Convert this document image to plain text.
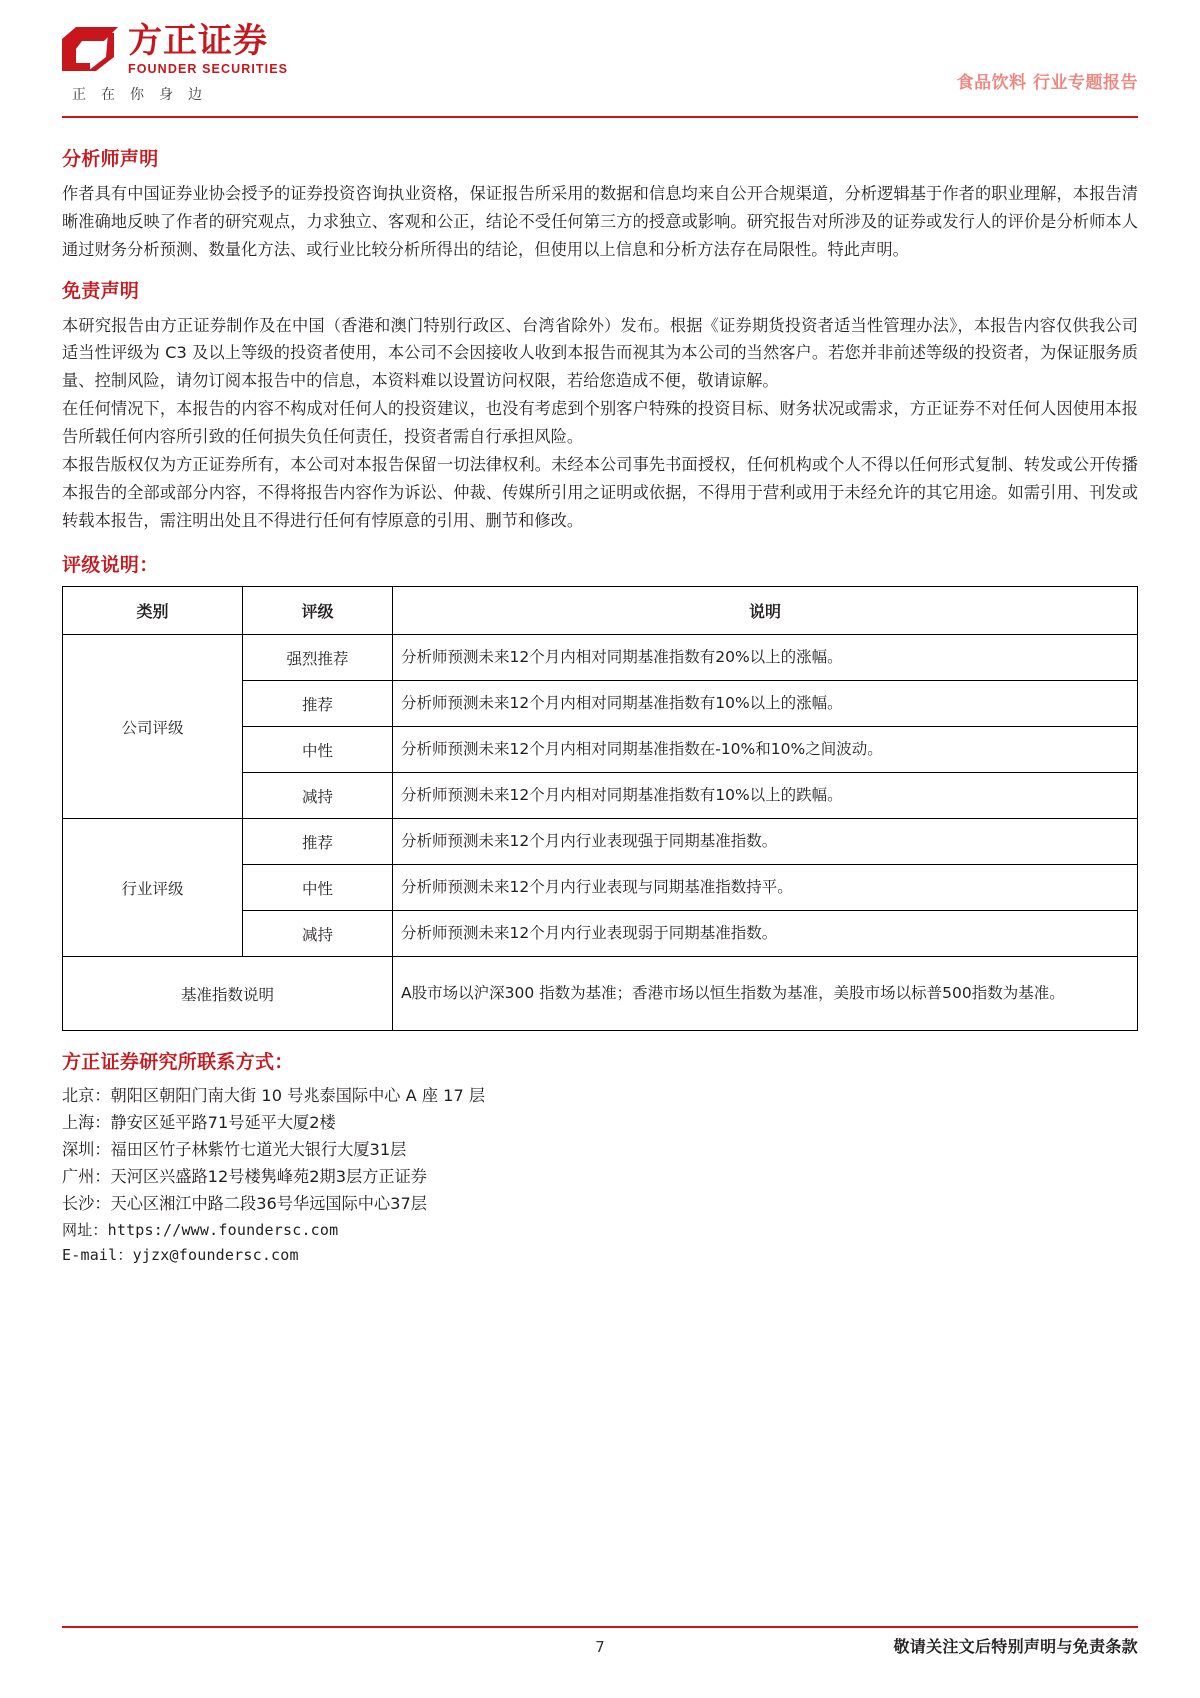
方正证券
FOUNDER SECURITIES
正在你身边
食品饮料 行业专题报告
分析师声明

作者具有中国证券业协会授予的证券投资咨询执业资格，保证报告所采用的数据和信息均来自公开合规渠道，分析逻辑基于作者的职业理解，本报告清晰准确地反映了作者的研究观点，力求独立、客观和公正，结论不受任何第三方的授意或影响。研究报告对所涉及的证券或发行人的评价是分析师本人通过财务分析预测、数量化方法、或行业比较分析所得出的结论，但使用以上信息和分析方法存在局限性。特此声明。

免责声明

本研究报告由方正证券制作及在中国（香港和澳门特别行政区、台湾省除外）发布。根据《证券期货投资者适当性管理办法》，本报告内容仅供我公司适当性评级为 C3 及以上等级的投资者使用，本公司不会因接收人收到本报告而视其为本公司的当然客户。若您并非前述等级的投资者，为保证服务质量、控制风险，请勿订阅本报告中的信息，本资料难以设置访问权限，若给您造成不便，敬请谅解。

在任何情况下，本报告的内容不构成对任何人的投资建议，也没有考虑到个别客户特殊的投资目标、财务状况或需求，方正证券不对任何人因使用本报告所载任何内容所引致的任何损失负任何责任，投资者需自行承担风险。

本报告版权仅为方正证券所有，本公司对本报告保留一切法律权利。未经本公司事先书面授权，任何机构或个人不得以任何形式复制、转发或公开传播本报告的全部或部分内容，不得将报告内容作为诉讼、仲裁、传媒所引用之证明或依据，不得用于营利或用于未经允许的其它用途。如需引用、刊发或转载本报告，需注明出处且不得进行任何有悖原意的引用、删节和修改。

评级说明：
类别	评级	说明
公司评级	强烈推荐	分析师预测未来12个月内相对同期基准指数有20%以上的涨幅。
	推荐	分析师预测未来12个月内相对同期基准指数有10%以上的涨幅。
	中性	分析师预测未来12个月内相对同期基准指数在-10%和10%之间波动。
	减持	分析师预测未来12个月内相对同期基准指数有10%以上的跌幅。
行业评级	推荐	分析师预测未来12个月内行业表现强于同期基准指数。
	中性	分析师预测未来12个月内行业表现与同期基准指数持平。
	减持	分析师预测未来12个月内行业表现弱于同期基准指数。
基准指数说明		A股市场以沪深300 指数为基准；香港市场以恒生指数为基准，美股市场以标普500指数为基准。
方正证券研究所联系方式：
北京：朝阳区朝阳门南大街 10 号兆泰国际中心 A 座 17 层
上海：静安区延平路71号延平大厦2楼
深圳：福田区竹子林紫竹七道光大银行大厦31层
广州：天河区兴盛路12号楼隽峰苑2期3层方正证券
长沙：天心区湘江中路二段36号华远国际中心37层
网址：https://www.foundersc.com
E-mail：yjzx@foundersc.com
7	敬请关注文后特别声明与免责条款
